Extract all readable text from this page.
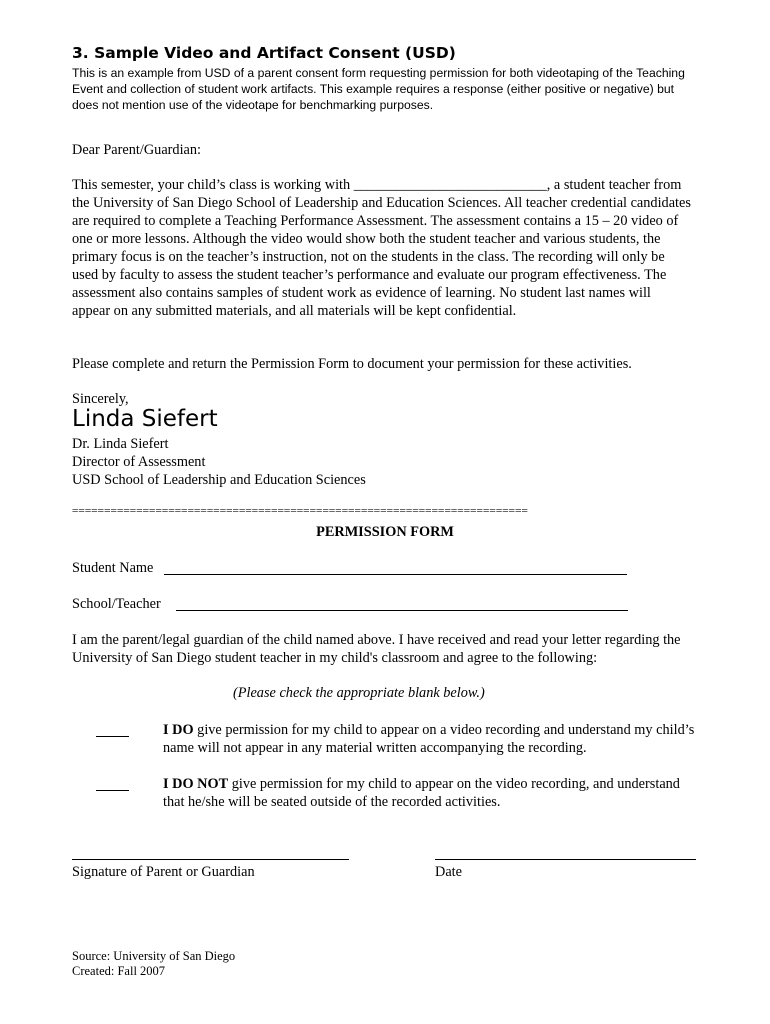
3. Sample Video and Artifact Consent (USD)
This is an example from USD of a parent consent form requesting permission for both videotaping of the Teaching Event and collection of student work artifacts. This example requires a response (either positive or negative) but does not mention use of the videotape for benchmarking purposes.
Dear Parent/Guardian:
This semester, your child’s class is working with ___________________________, a student teacher from the University of San Diego School of Leadership and Education Sciences. All teacher credential candidates are required to complete a Teaching Performance Assessment. The assessment contains a 15 – 20 video of one or more lessons. Although the video would show both the student teacher and various students, the primary focus is on the teacher’s instruction, not on the students in the class. The recording will only be used by faculty to assess the student teacher’s performance and evaluate our program effectiveness. The assessment also contains samples of student work as evidence of learning. No student last names will appear on any submitted materials, and all materials will be kept confidential.
Please complete and return the Permission Form to document your permission for these activities.
Sincerely,
Linda Siefert
Dr. Linda Siefert
Director of Assessment
USD School of Leadership and Education Sciences
=======================================================================
PERMISSION FORM
Student Name
School/Teacher
I am the parent/legal guardian of the child named above. I have received and read your letter regarding the University of San Diego student teacher in my child's classroom and agree to the following:
(Please check the appropriate blank below.)
I DO give permission for my child to appear on a video recording and understand my child’s name will not appear in any material written accompanying the recording.
I DO NOT give permission for my child to appear on the video recording, and understand that he/she will be seated outside of the recorded activities.
Signature of Parent or Guardian	Date
Source: University of San Diego
Created: Fall 2007
